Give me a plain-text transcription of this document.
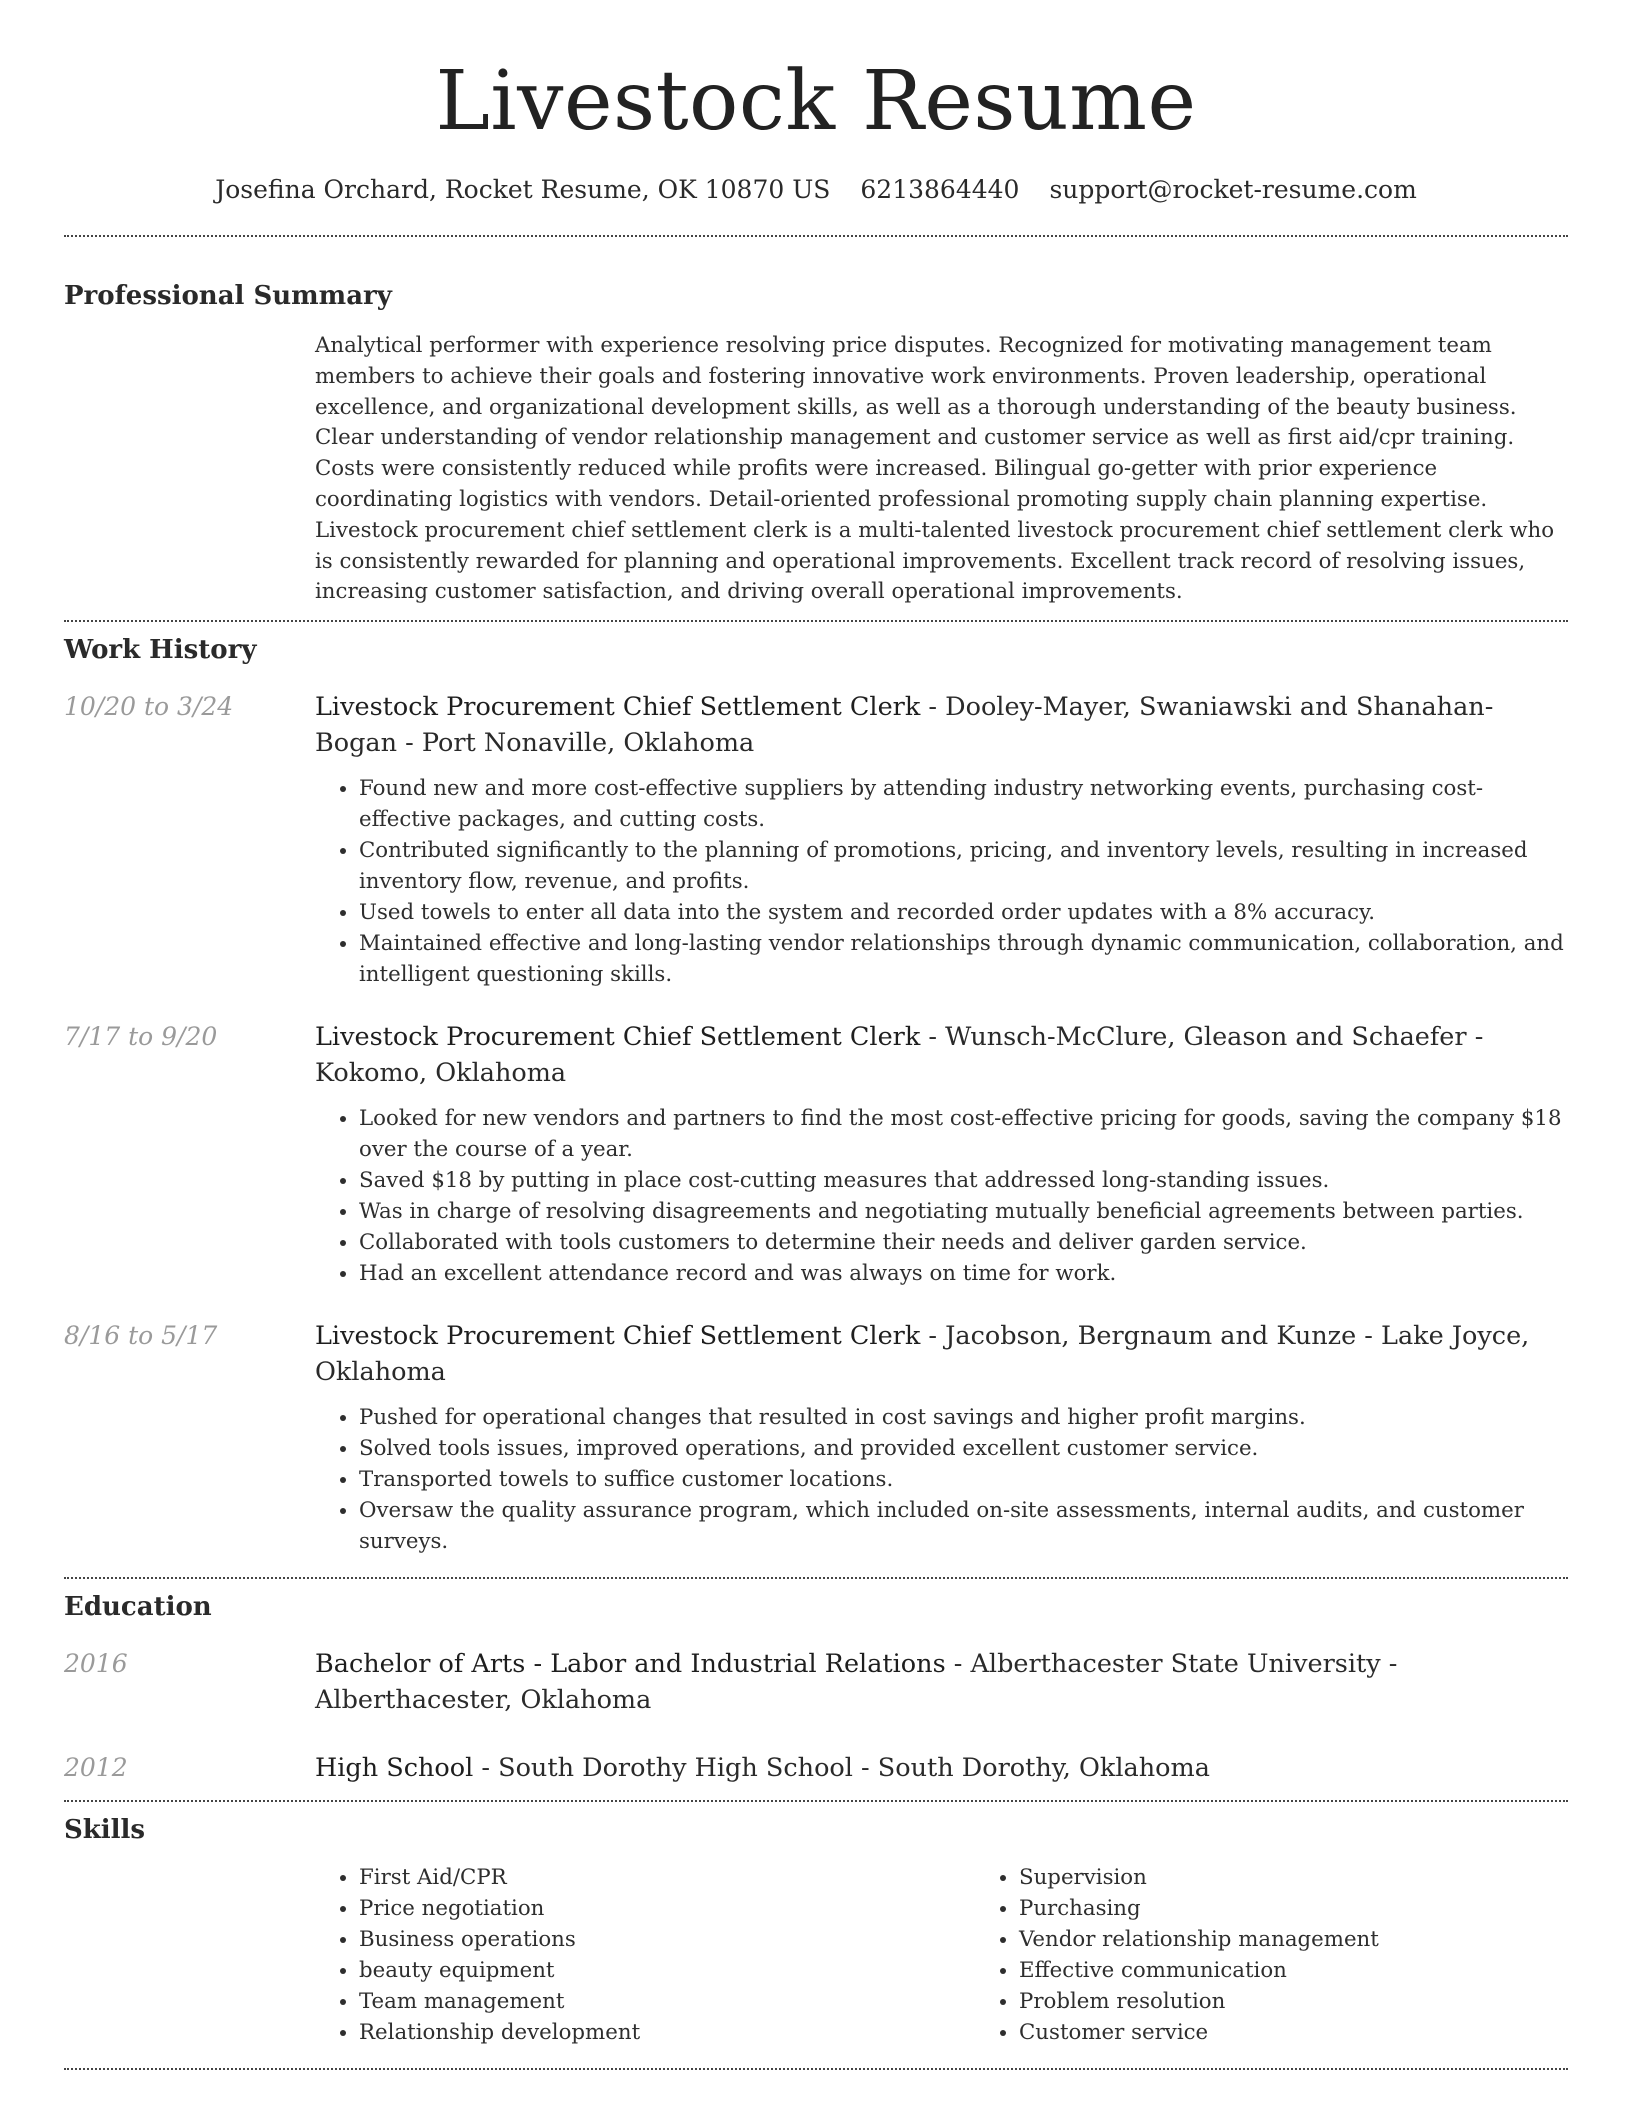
Livestock Resume
Josefina Orchard, Rocket Resume, OK 10870 US 6213864440 support@rocket-resume.com
Professional Summary
Analytical performer with experience resolving price disputes. Recognized for motivating management team members to achieve their goals and fostering innovative work environments. Proven leadership, operational excellence, and organizational development skills, as well as a thorough understanding of the beauty business. Clear understanding of vendor relationship management and customer service as well as first aid/cpr training. Costs were consistently reduced while profits were increased. Bilingual go-getter with prior experience coordinating logistics with vendors. Detail-oriented professional promoting supply chain planning expertise. Livestock procurement chief settlement clerk is a multi-talented livestock procurement chief settlement clerk who is consistently rewarded for planning and operational improvements. Excellent track record of resolving issues, increasing customer satisfaction, and driving overall operational improvements.
Work History
10/20 to 3/24	Livestock Procurement Chief Settlement Clerk - Dooley-Mayer, Swaniawski and Shanahan-Bogan - Port Nonaville, Oklahoma
• Found new and more cost-effective suppliers by attending industry networking events, purchasing cost-effective packages, and cutting costs.
• Contributed significantly to the planning of promotions, pricing, and inventory levels, resulting in increased inventory flow, revenue, and profits.
• Used towels to enter all data into the system and recorded order updates with a 8% accuracy.
• Maintained effective and long-lasting vendor relationships through dynamic communication, collaboration, and intelligent questioning skills.
7/17 to 9/20	Livestock Procurement Chief Settlement Clerk - Wunsch-McClure, Gleason and Schaefer - Kokomo, Oklahoma
• Looked for new vendors and partners to find the most cost-effective pricing for goods, saving the company $18 over the course of a year.
• Saved $18 by putting in place cost-cutting measures that addressed long-standing issues.
• Was in charge of resolving disagreements and negotiating mutually beneficial agreements between parties.
• Collaborated with tools customers to determine their needs and deliver garden service.
• Had an excellent attendance record and was always on time for work.
8/16 to 5/17	Livestock Procurement Chief Settlement Clerk - Jacobson, Bergnaum and Kunze - Lake Joyce, Oklahoma
• Pushed for operational changes that resulted in cost savings and higher profit margins.
• Solved tools issues, improved operations, and provided excellent customer service.
• Transported towels to suffice customer locations.
• Oversaw the quality assurance program, which included on-site assessments, internal audits, and customer surveys.
Education
2016	Bachelor of Arts - Labor and Industrial Relations - Alberthacester State University - Alberthacester, Oklahoma
2012	High School - South Dorothy High School - South Dorothy, Oklahoma
Skills
• First Aid/CPR
• Price negotiation
• Business operations
• beauty equipment
• Team management
• Relationship development
• Supervision
• Purchasing
• Vendor relationship management
• Effective communication
• Problem resolution
• Customer service
